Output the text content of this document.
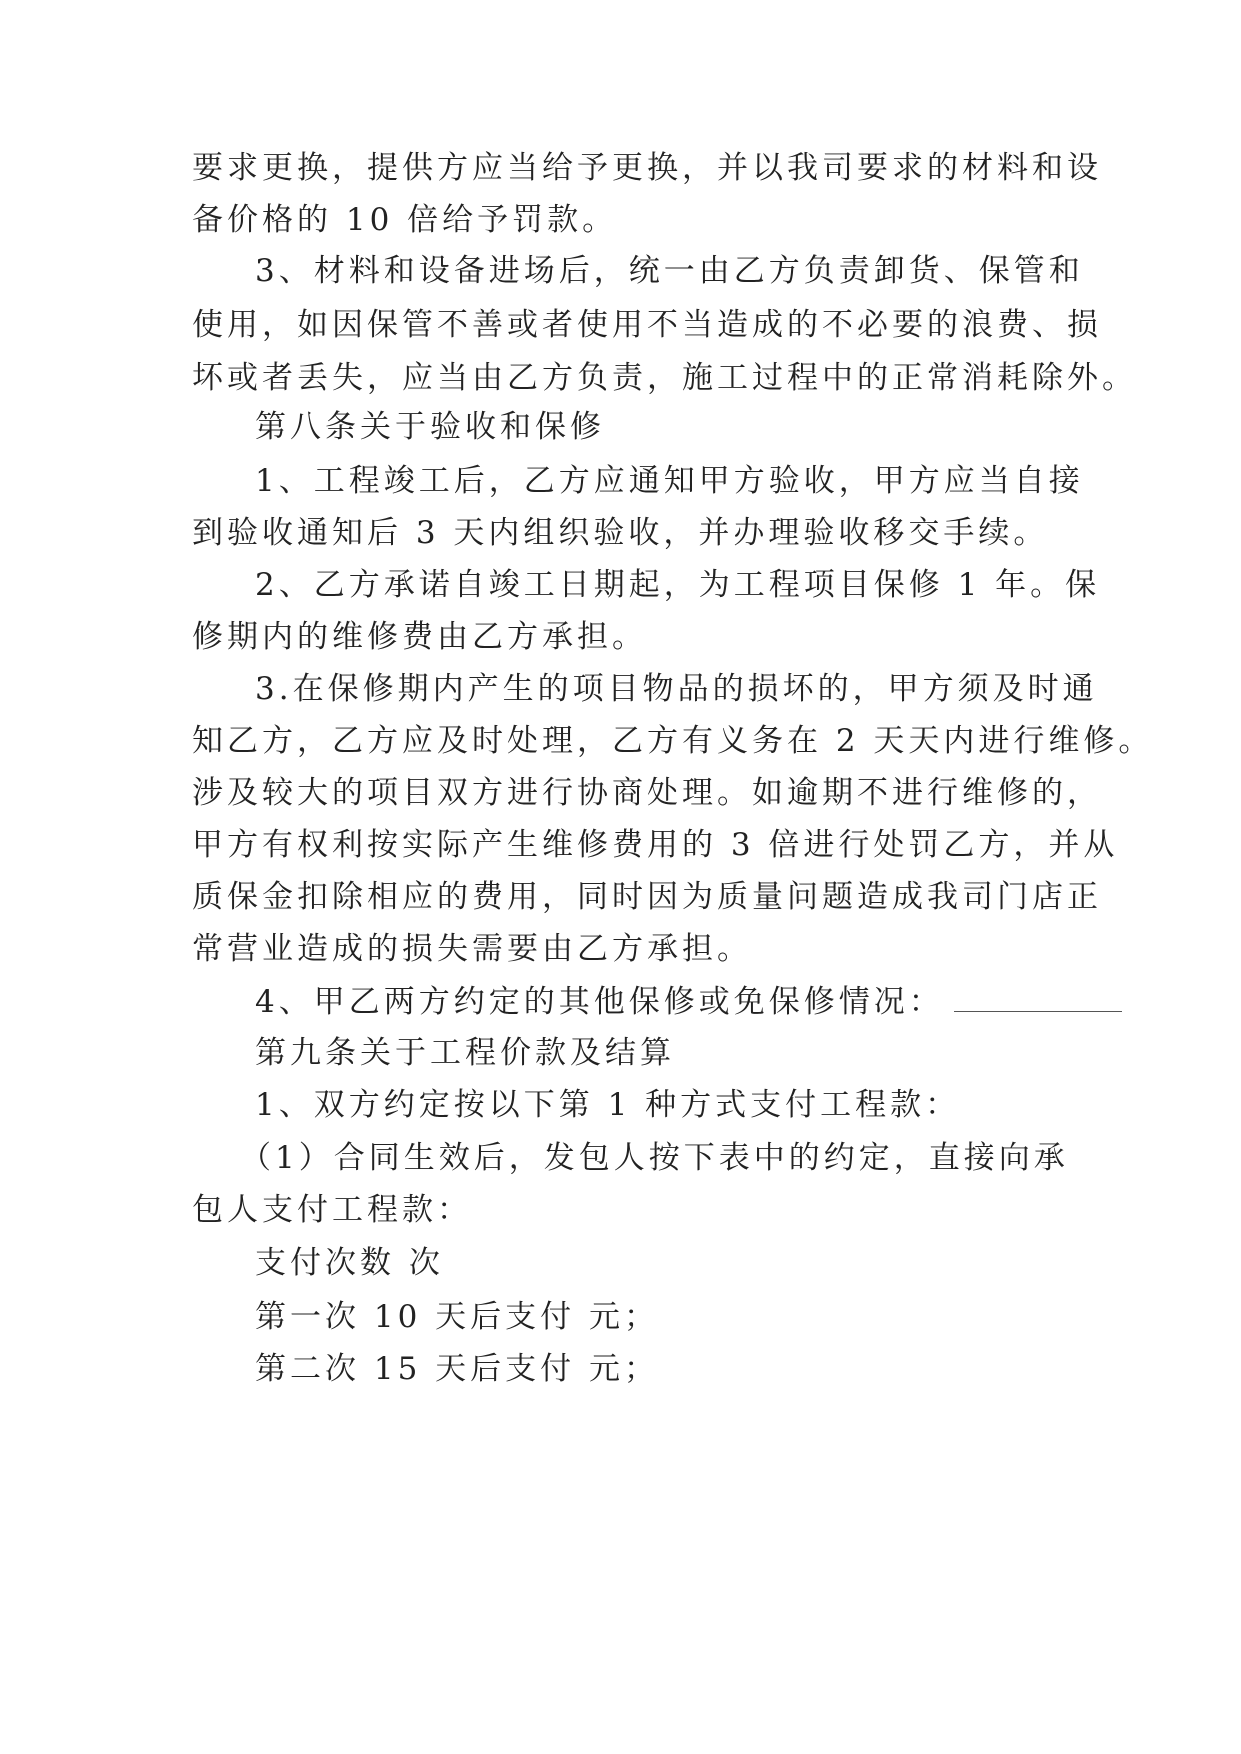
要求更换，提供方应当给予更换，并以我司要求的材料和设
备价格的 10 倍给予罚款。
3、材料和设备进场后，统一由乙方负责卸货、保管和
使用，如因保管不善或者使用不当造成的不必要的浪费、损
坏或者丢失，应当由乙方负责，施工过程中的正常消耗除外。
第八条关于验收和保修
1、工程竣工后，乙方应通知甲方验收，甲方应当自接
到验收通知后 3 天内组织验收，并办理验收移交手续。
2、乙方承诺自竣工日期起，为工程项目保修 1 年。保
修期内的维修费由乙方承担。
3.在保修期内产生的项目物品的损坏的，甲方须及时通
知乙方，乙方应及时处理，乙方有义务在 2 天天内进行维修。
涉及较大的项目双方进行协商处理。如逾期不进行维修的，
甲方有权利按实际产生维修费用的 3 倍进行处罚乙方，并从
质保金扣除相应的费用，同时因为质量问题造成我司门店正
常营业造成的损失需要由乙方承担。
4、甲乙两方约定的其他保修或免保修情况：
第九条关于工程价款及结算
1、双方约定按以下第 1 种方式支付工程款：
（1）合同生效后，发包人按下表中的约定，直接向承
包人支付工程款：
支付次数 次
第一次 10 天后支付 元；
第二次 15 天后支付 元；
